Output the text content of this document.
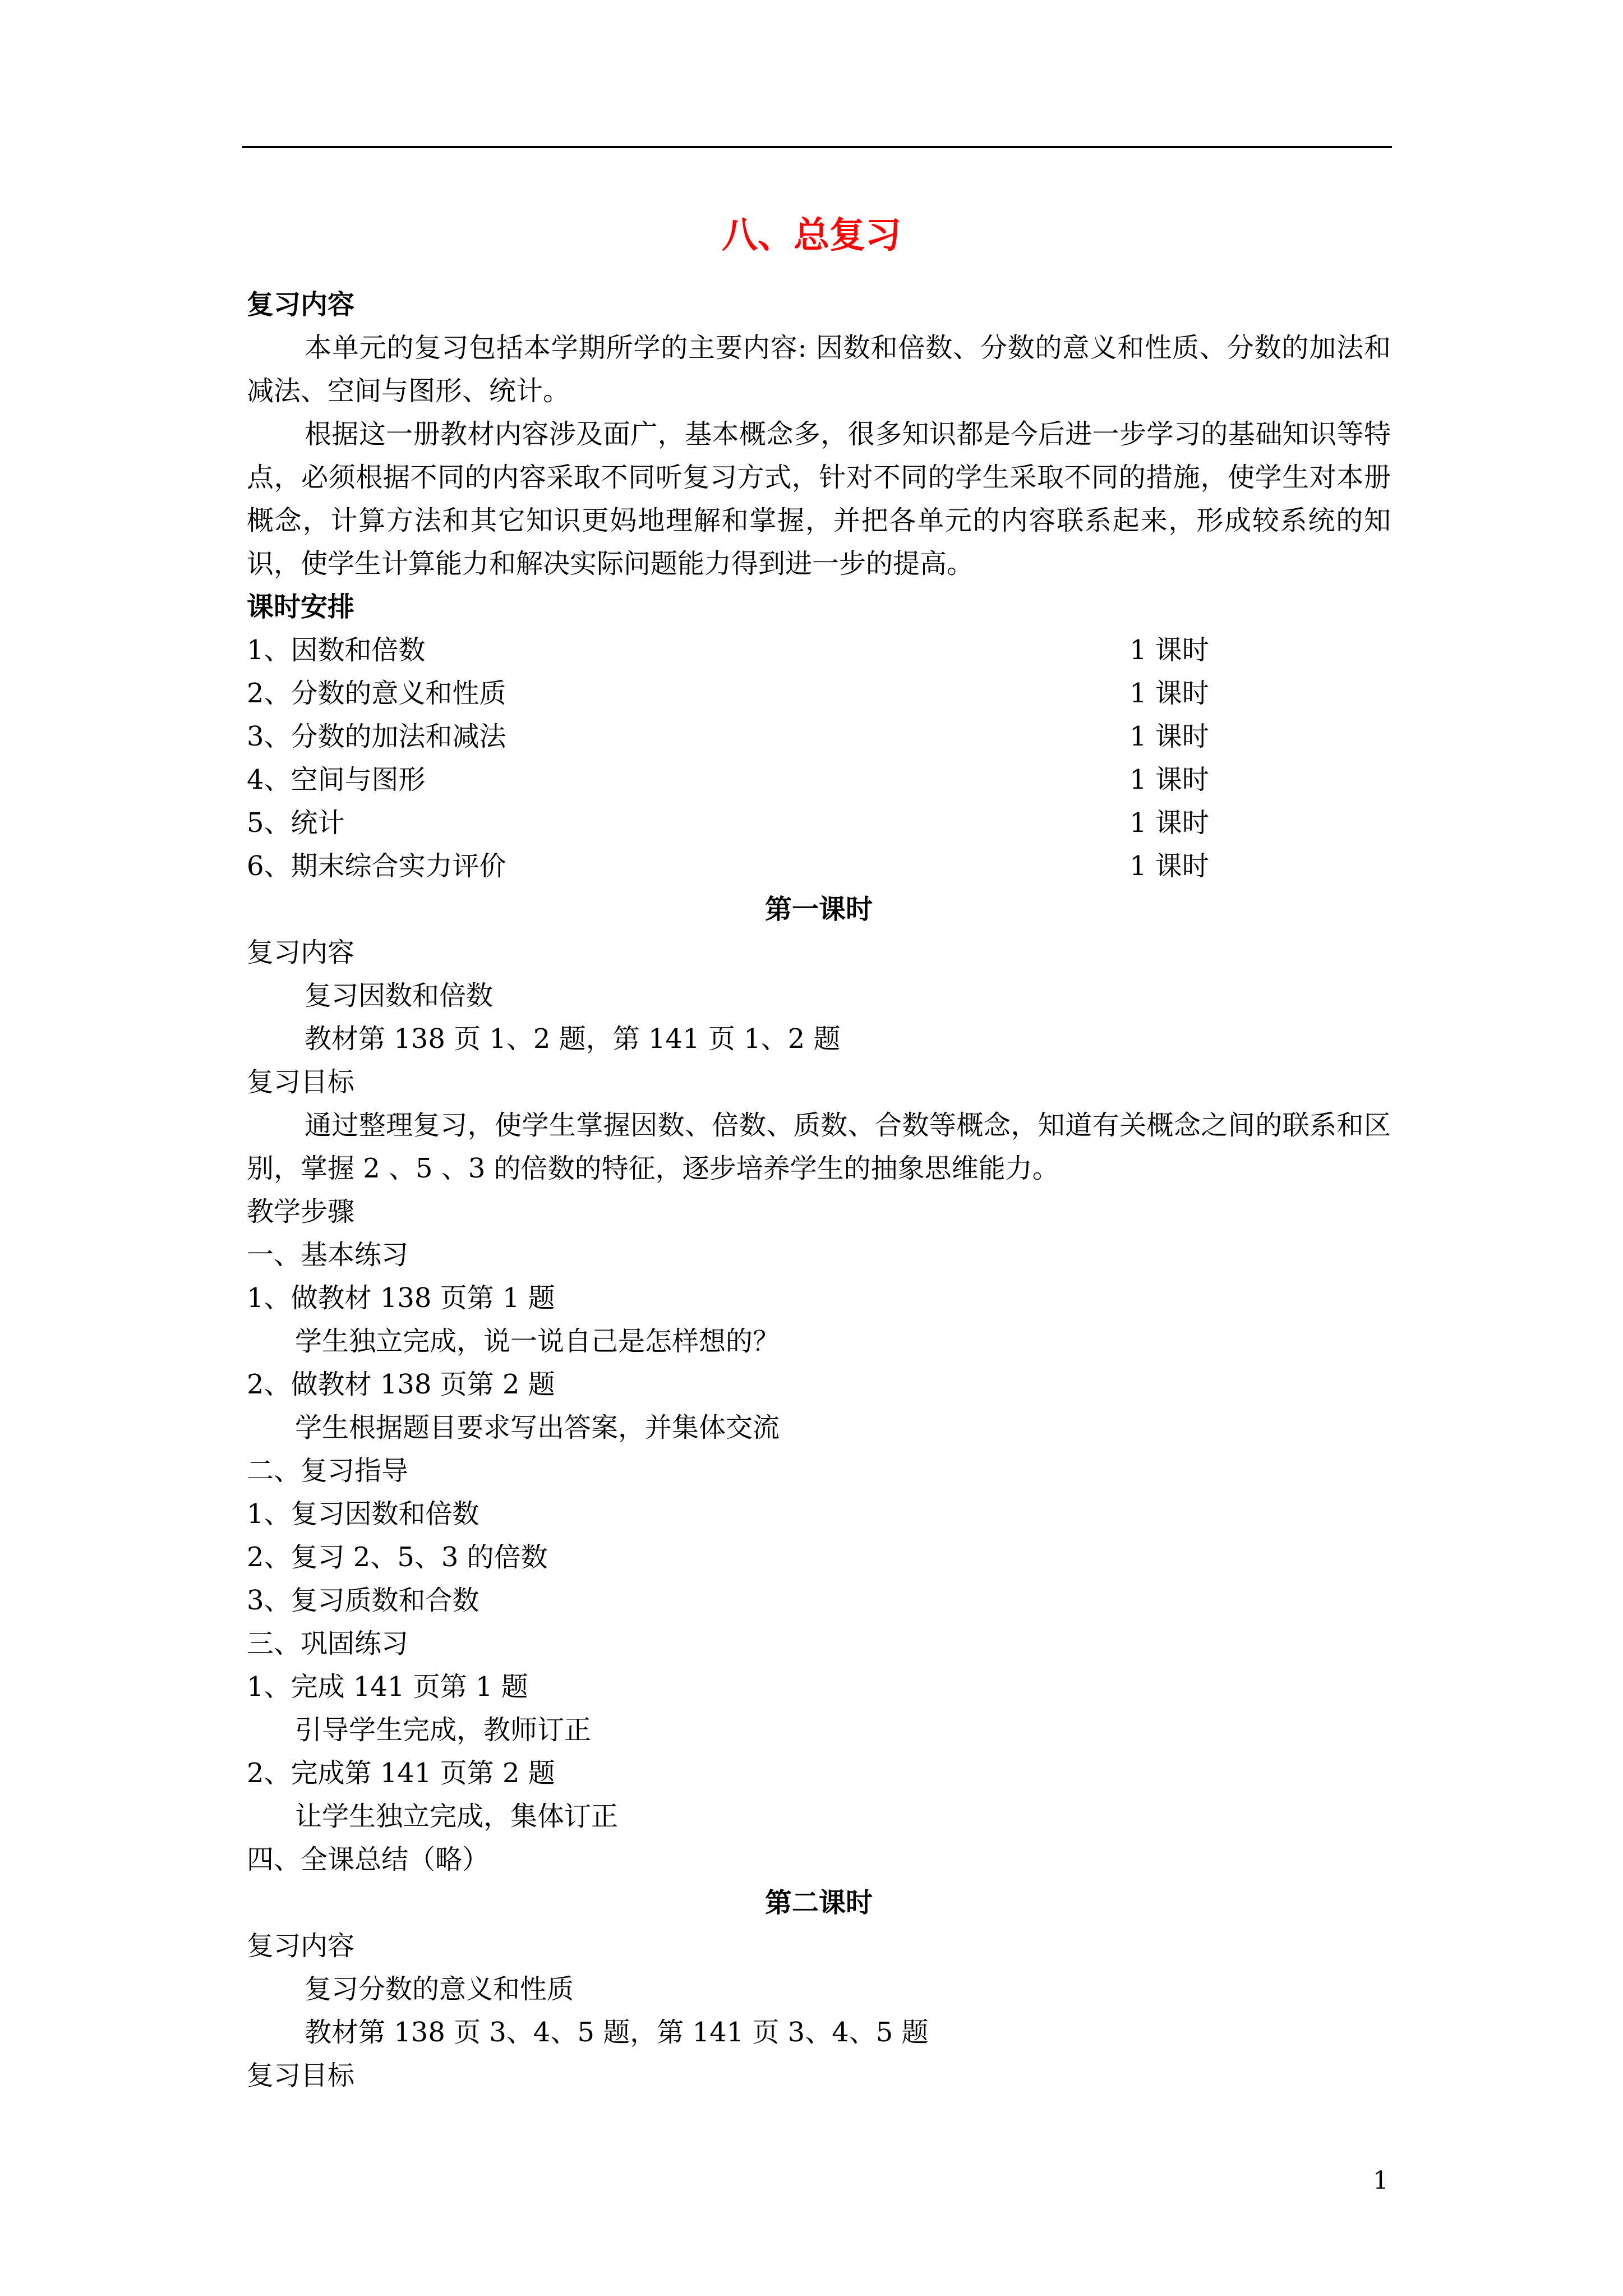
八、总复习
复习内容
本单元的复习包括本学期所学的主要内容: 因数和倍数、分数的意义和性质、分数的加法和减法、空间与图形、统计。
根据这一册教材内容涉及面广，基本概念多，很多知识都是今后进一步学习的基础知识等特点，必须根据不同的内容采取不同听复习方式，针对不同的学生采取不同的措施，使学生对本册概念，计算方法和其它知识更妈地理解和掌握，并把各单元的内容联系起来，形成较系统的知识，使学生计算能力和解决实际问题能力得到进一步的提高。
课时安排
1、因数和倍数	1 课时
2、分数的意义和性质	1 课时
3、分数的加法和减法	1 课时
4、空间与图形	1 课时
5、统计	1 课时
6、期末综合实力评价	1 课时
第一课时
复习内容
复习因数和倍数
教材第 138 页 1、2 题，第 141 页 1、2 题
复习目标
通过整理复习，使学生掌握因数、倍数、质数、合数等概念，知道有关概念之间的联系和区别，掌握 2 、5 、3 的倍数的特征，逐步培养学生的抽象思维能力。
教学步骤
一、基本练习
1、做教材 138 页第 1 题
学生独立完成，说一说自己是怎样想的？
2、做教材 138 页第 2 题
学生根据题目要求写出答案，并集体交流
二、复习指导
1、复习因数和倍数
2、复习 2、5、3 的倍数
3、复习质数和合数
三、巩固练习
1、完成 141 页第 1 题
引导学生完成，教师订正
2、完成第 141 页第 2 题
让学生独立完成，集体订正
四、全课总结（略）
第二课时
复习内容
复习分数的意义和性质
教材第 138 页 3、4、5 题，第 141 页 3、4、5 题
复习目标
1
